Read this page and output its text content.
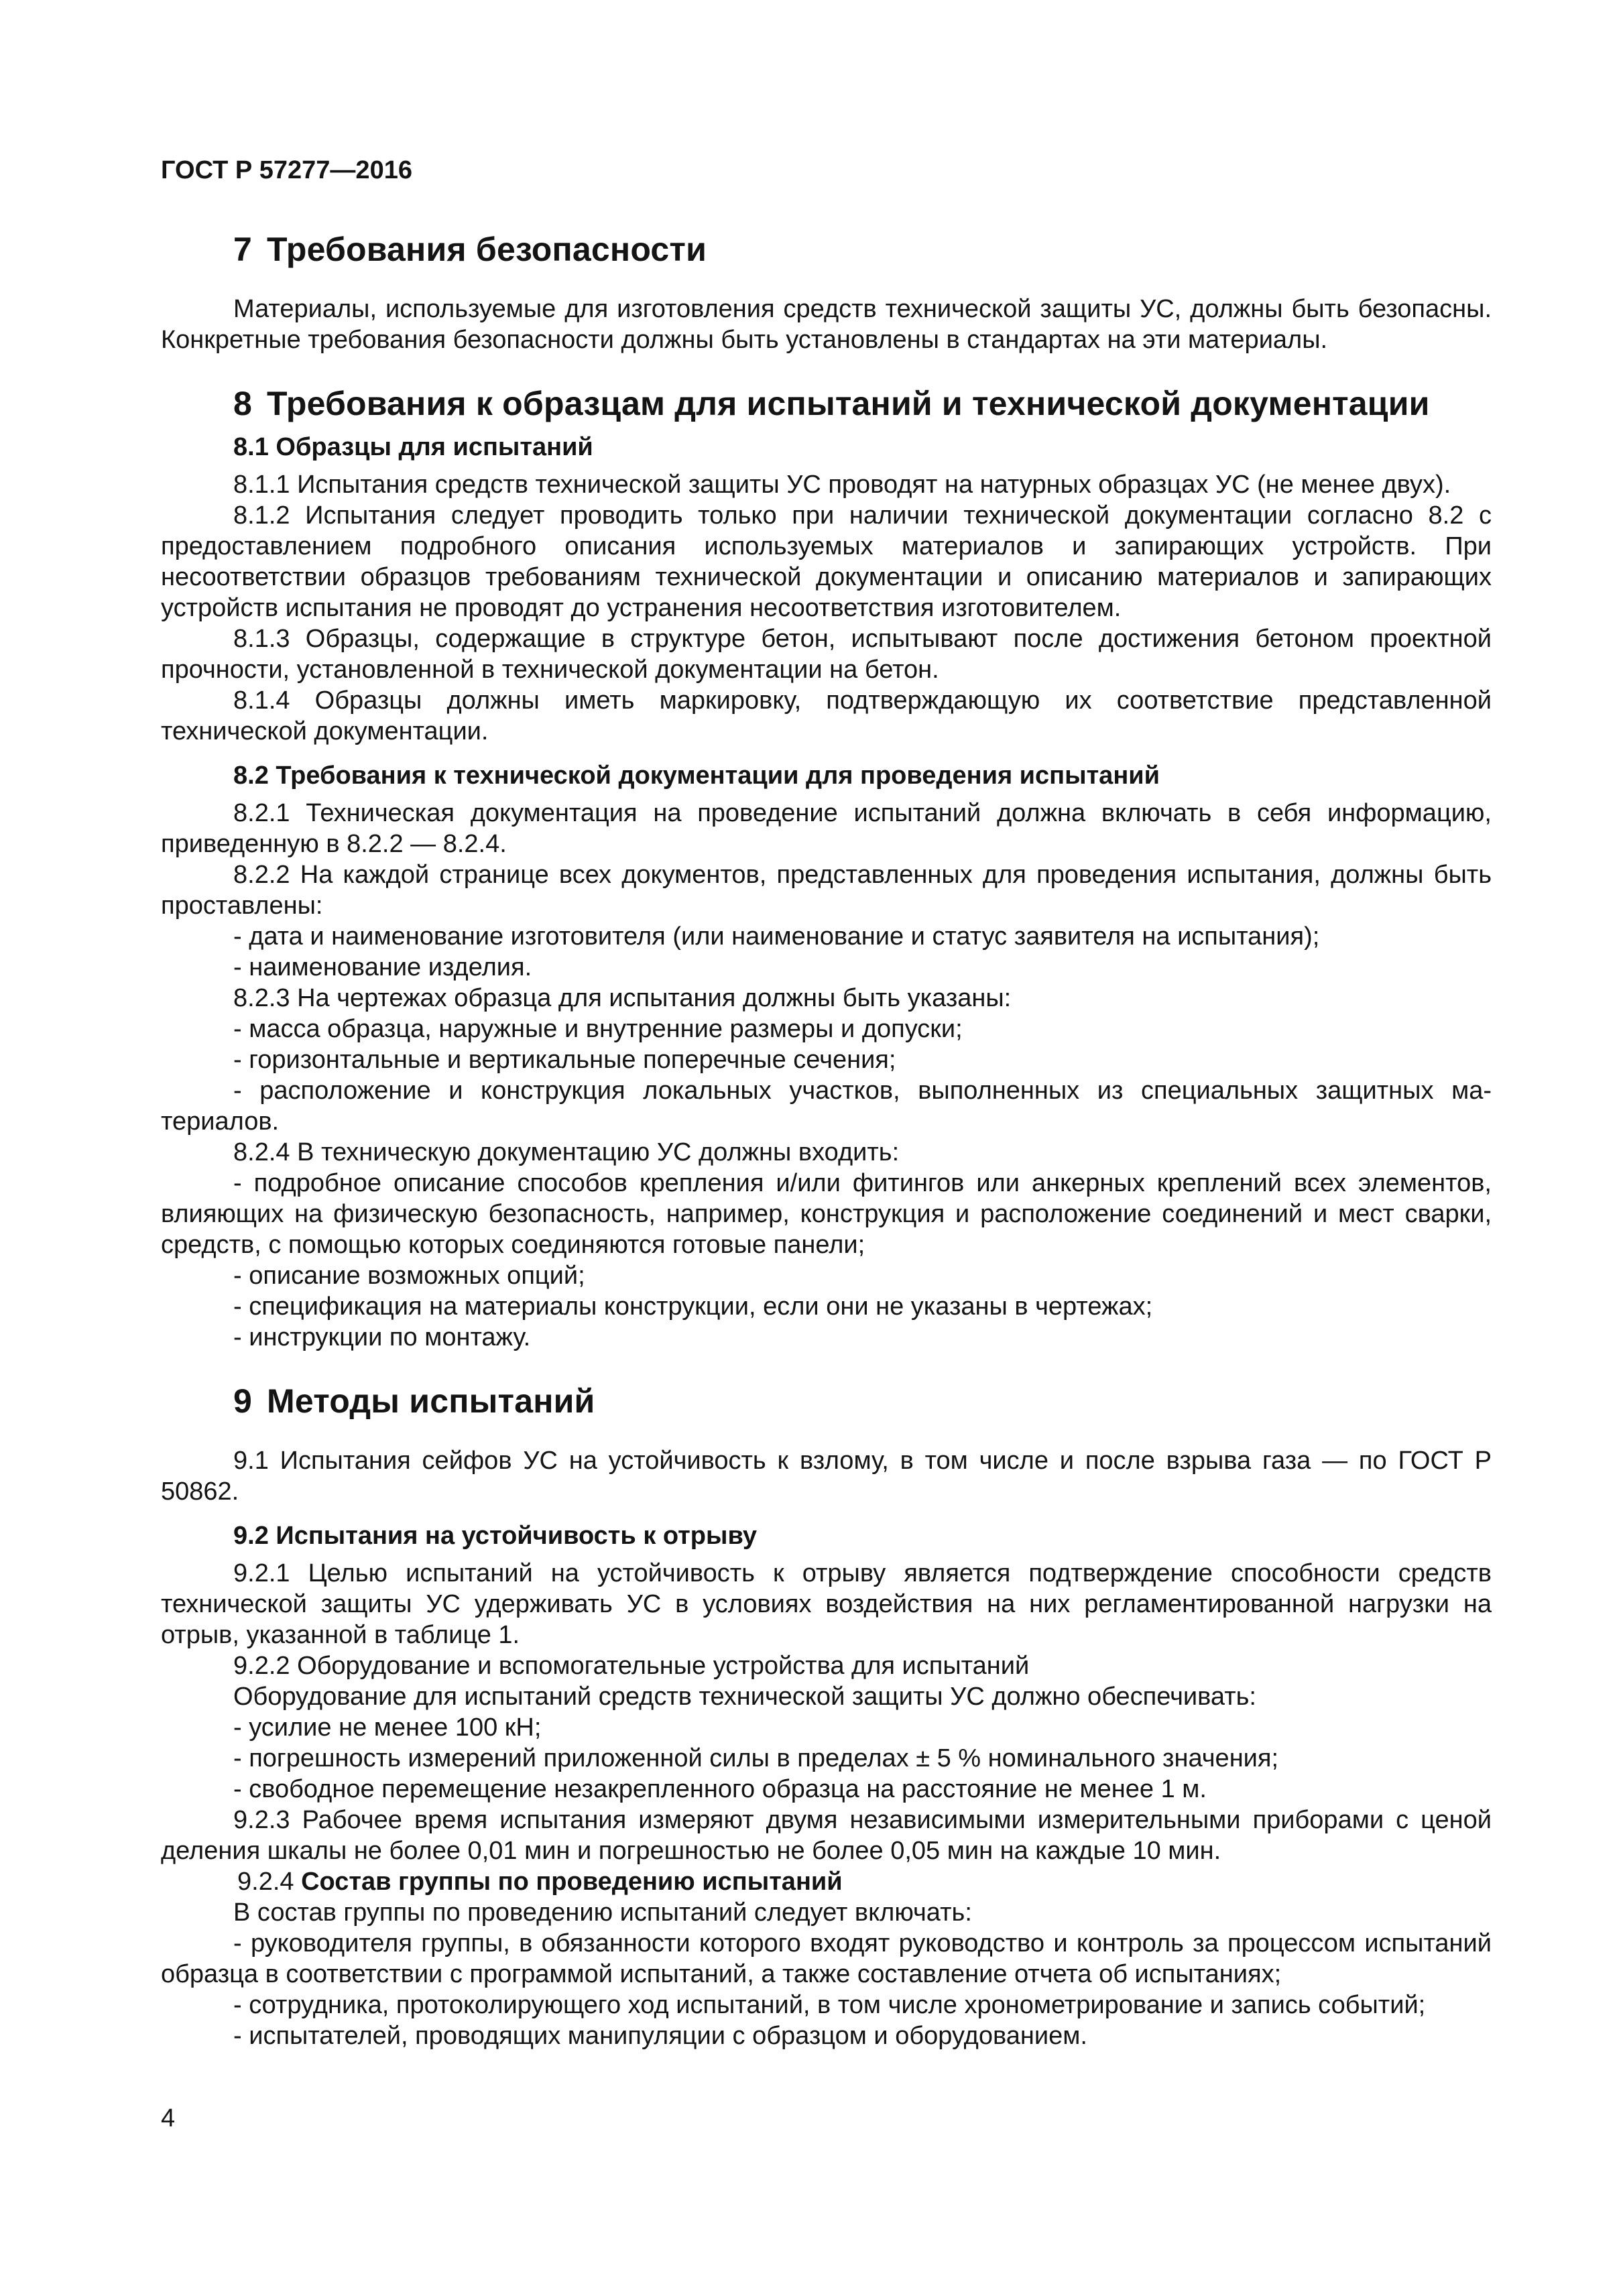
ГОСТ Р 57277—2016
7 Требования безопасности

Материалы, используемые для изготовления средств технической защиты УС, должны быть безопасны. Конкретные требования безопасности должны быть установлены в стандартах на эти материалы.

8 Требования к образцам для испытаний и технической документации
8.1 Образцы для испытаний

8.1.1 Испытания средств технической защиты УС проводят на натурных образцах УС (не менее двух).

8.1.2 Испытания следует проводить только при наличии технической документации согласно 8.2 с предоставлением подробного описания используемых материалов и запирающих устройств. При несоответствии образцов требованиям технической документации и описанию материалов и запирающих устройств испытания не проводят до устранения несоответствия изготовителем.

8.1.3 Образцы, содержащие в структуре бетон, испытывают после достижения бетоном проектной прочности, установленной в технической документации на бетон.

8.1.4 Образцы должны иметь маркировку, подтверждающую их соответствие представленной технической документации.

8.2 Требования к технической документации для проведения испытаний

8.2.1 Техническая документация на проведение испытаний должна включать в себя информацию, приведенную в 8.2.2 — 8.2.4.

8.2.2 На каждой странице всех документов, представленных для проведения испытания, должны быть проставлены:

- дата и наименование изготовителя (или наименование и статус заявителя на испытания);

- наименование изделия.

8.2.3 На чертежах образца для испытания должны быть указаны:

- масса образца, наружные и внутренние размеры и допуски;

- горизонтальные и вертикальные поперечные сечения;

- расположение и конструкция локальных участков, выполненных из специальных защитных материалов.

8.2.4 В техническую документацию УС должны входить:

- подробное описание способов крепления и/или фитингов или анкерных креплений всех элементов, влияющих на физическую безопасность, например, конструкция и расположение соединений и мест сварки, средств, с помощью которых соединяются готовые панели;

- описание возможных опций;

- спецификация на материалы конструкции, если они не указаны в чертежах;

- инструкции по монтажу.

9 Методы испытаний

9.1 Испытания сейфов УС на устойчивость к взлому, в том числе и после взрыва газа — по ГОСТ Р 50862.

9.2 Испытания на устойчивость к отрыву

9.2.1 Целью испытаний на устойчивость к отрыву является подтверждение способности средств технической защиты УС удерживать УС в условиях воздействия на них регламентированной нагрузки на отрыв, указанной в таблице 1.

9.2.2 Оборудование и вспомогательные устройства для испытаний

Оборудование для испытаний средств технической защиты УС должно обеспечивать:

- усилие не менее 100 кН;

- погрешность измерений приложенной силы в пределах ± 5 % номинального значения;

- свободное перемещение незакрепленного образца на расстояние не менее 1 м.

9.2.3 Рабочее время испытания измеряют двумя независимыми измерительными приборами с ценой деления шкалы не более 0,01 мин и погрешностью не более 0,05 мин на каждые 10 мин.

9.2.4 Состав группы по проведению испытаний

В состав группы по проведению испытаний следует включать:

- руководителя группы, в обязанности которого входят руководство и контроль за процессом испытаний образца в соответствии с программой испытаний, а также составление отчета об испытаниях;

- сотрудника, протоколирующего ход испытаний, в том числе хронометрирование и запись событий;

- испытателей, проводящих манипуляции с образцом и оборудованием.

4
